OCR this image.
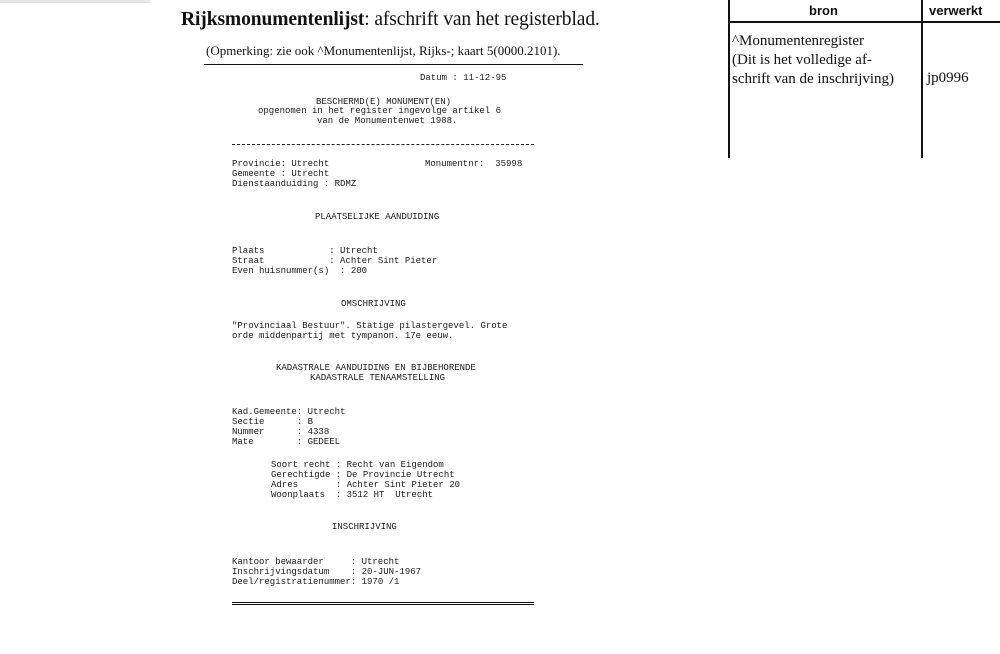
Rijksmonumentenlijst: afschrift van het registerblad.
(Opmerking: zie ook ^Monumentenlijst, Rijks-; kaart 5(0000.2101).
Datum : 11-12-95
BESCHERMD(E) MONUMENT(EN)
opgenomen in het register ingevolge artikel 6
van de Monumentenwet 1988.
Provincie: Utrecht	Monumentnr:  35998
Gemeente : Utrecht
Dienstaanduiding : RDMZ
PLAATSELIJKE AANDUIDING
Plaats            : Utrecht
Straat            : Achter Sint Pieter
Even huisnummer(s)  : 200
OMSCHRIJVING
"Provinciaal Bestuur". Statige pilastergevel. Grote
orde middenpartij met tympanon. 17e eeuw.
KADASTRALE AANDUIDING EN BIJBEHORENDE
KADASTRALE TENAAMSTELLING
Kad.Gemeente: Utrecht
Sectie      : B
Nummer      : 4338
Mate        : GEDEEL
Soort recht : Recht van Eigendom
Gerechtigde : De Provincie Utrecht
Adres       : Achter Sint Pieter 20
Woonplaats  : 3512 HT  Utrecht
INSCHRIJVING
Kantoor bewaarder     : Utrecht
Inschrijvingsdatum    : 20-JUN-1967
Deel/registratienummer: 1970 /1
bron	verwerkt
^Monumentenregister
(Dit is het volledige af-
schrift van de inschrijving)	jp0996
